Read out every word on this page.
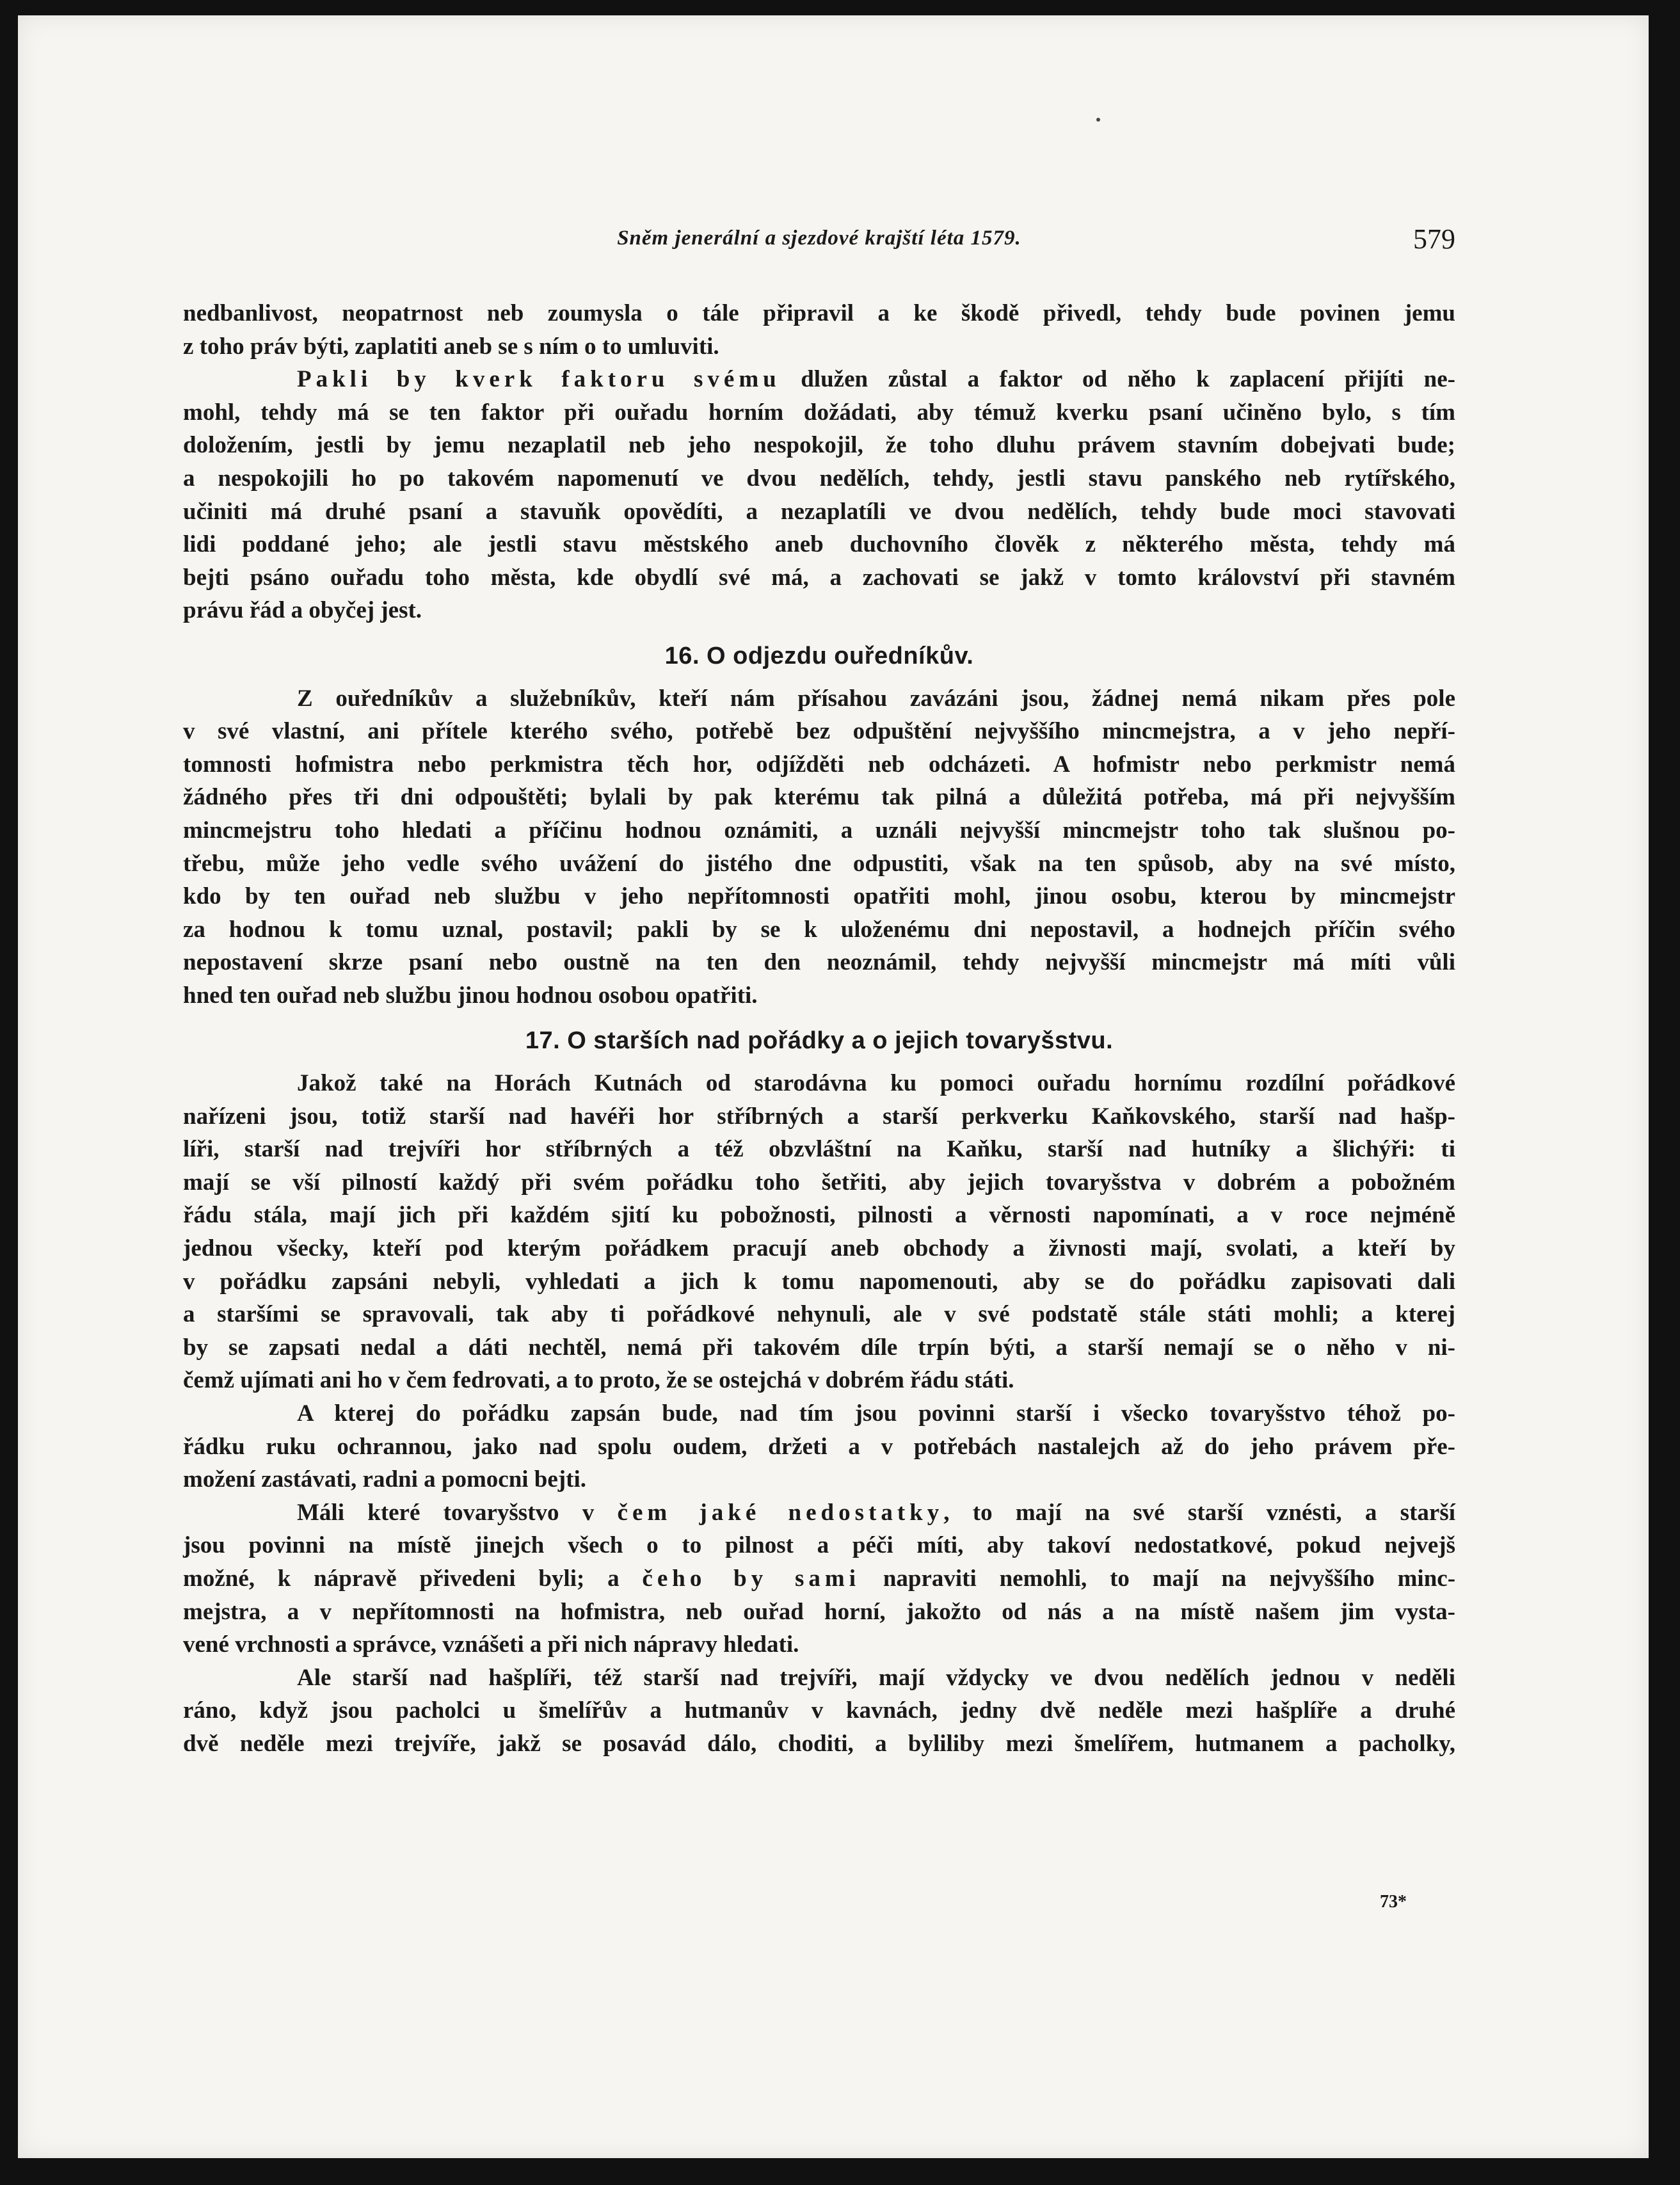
Sněm jenerální a sjezdové krajští léta 1579.	579
nedbanlivost, neopatrnost neb zoumysla o tále připravil a ke škodě přivedl, tehdy bude povinen jemu
z toho práv býti, zaplatiti aneb se s ním o to umluviti.
Pakli by kverk faktoru svému dlužen zůstal a faktor od něho k zaplacení přijíti ne-
mohl, tehdy má se ten faktor při ouřadu horním dožádati, aby témuž kverku psaní učiněno bylo, s tím
doložením, jestli by jemu nezaplatil neb jeho nespokojil, že toho dluhu právem stavním dobejvati bude;
a nespokojili ho po takovém napomenutí ve dvou nedělích, tehdy, jestli stavu panského neb rytířského,
učiniti má druhé psaní a stavuňk opovědíti, a nezaplatíli ve dvou nedělích, tehdy bude moci stavovati
lidi poddané jeho; ale jestli stavu městského aneb duchovního člověk z některého města, tehdy má
bejti psáno ouřadu toho města, kde obydlí své má, a zachovati se jakž v tomto království při stavném
právu řád a obyčej jest.
16. O odjezdu ouředníkův.
Z ouředníkův a služebníkův, kteří nám přísahou zavázáni jsou, žádnej nemá nikam přes pole
v své vlastní, ani přítele kterého svého, potřebě bez odpuštění nejvyššího mincmejstra, a v jeho nepří-
tomnosti hofmistra nebo perkmistra těch hor, odjížděti neb odcházeti. A hofmistr nebo perkmistr nemá
žádného přes tři dni odpouštěti; bylali by pak kterému tak pilná a důležitá potřeba, má při nejvyšším
mincmejstru toho hledati a příčinu hodnou oznámiti, a uználi nejvyšší mincmejstr toho tak slušnou po-
třebu, může jeho vedle svého uvážení do jistého dne odpustiti, však na ten spůsob, aby na své místo,
kdo by ten ouřad neb službu v jeho nepřítomnosti opatřiti mohl, jinou osobu, kterou by mincmejstr
za hodnou k tomu uznal, postavil; pakli by se k uloženému dni nepostavil, a hodnejch příčin svého
nepostavení skrze psaní nebo oustně na ten den neoznámil, tehdy nejvyšší mincmejstr má míti vůli
hned ten ouřad neb službu jinou hodnou osobou opatřiti.
17. O starších nad pořádky a o jejich tovaryšstvu.
Jakož také na Horách Kutnách od starodávna ku pomoci ouřadu hornímu rozdílní pořádkové
nařízeni jsou, totiž starší nad havéři hor stříbrných a starší perkverku Kaňkovského, starší nad hašp-
líři, starší nad trejvíři hor stříbrných a též obzvláštní na Kaňku, starší nad hutníky a šlichýři: ti
mají se vší pilností každý při svém pořádku toho šetřiti, aby jejich tovaryšstva v dobrém a pobožném
řádu stála, mají jich při každém sjití ku pobožnosti, pilnosti a věrnosti napomínati, a v roce nejméně
jednou všecky, kteří pod kterým pořádkem pracují aneb obchody a živnosti mají, svolati, a kteří by
v pořádku zapsáni nebyli, vyhledati a jich k tomu napomenouti, aby se do pořádku zapisovati dali
a staršími se spravovali, tak aby ti pořádkové nehynuli, ale v své podstatě stále státi mohli; a kterej
by se zapsati nedal a dáti nechtěl, nemá při takovém díle trpín býti, a starší nemají se o něho v ni-
čemž ujímati ani ho v čem fedrovati, a to proto, že se ostejchá v dobrém řádu státi.
A kterej do pořádku zapsán bude, nad tím jsou povinni starší i všecko tovaryšstvo téhož po-
řádku ruku ochrannou, jako nad spolu oudem, držeti a v potřebách nastalejch až do jeho právem pře-
možení zastávati, radni a pomocni bejti.
Máli které tovaryšstvo v čem jaké nedostatky, to mají na své starší vznésti, a starší
jsou povinni na místě jinejch všech o to pilnost a péči míti, aby takoví nedostatkové, pokud nejvejš
možné, k nápravě přivedeni byli; a čeho by sami napraviti nemohli, to mají na nejvyššího minc-
mejstra, a v nepřítomnosti na hofmistra, neb ouřad horní, jakožto od nás a na místě našem jim vysta-
vené vrchnosti a správce, vznášeti a při nich nápravy hledati.
Ale starší nad hašplíři, též starší nad trejvíři, mají vždycky ve dvou nedělích jednou v neděli
ráno, když jsou pacholci u šmelířův a hutmanův v kavnách, jedny dvě neděle mezi hašplíře a druhé
dvě neděle mezi trejvíře, jakž se posavád dálo, choditi, a byliliby mezi šmelířem, hutmanem a pacholky,
73*
